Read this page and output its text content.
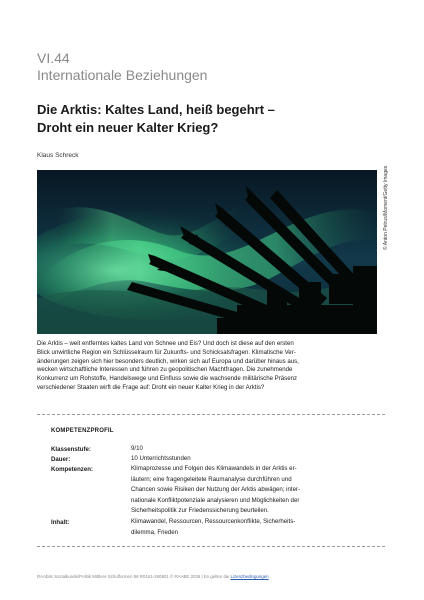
VI.44
Internationale Beziehungen
Die Arktis: Kaltes Land, heiß begehrt –
Droht ein neuer Kalter Krieg?
Klaus Schreck
© Anton Petrus/Moment/Getty Images
Die Arktis – weit entferntes kaltes Land von Schnee und Eis? Und doch ist diese auf den ersten
Blick unwirtliche Region ein Schlüsselraum für Zukunfts- und Schicksalsfragen. Klimatische Ver-
änderungen zeigen sich hier besonders deutlich, wirken sich auf Europa und darüber hinaus aus,
wecken wirtschaftliche Interessen und führen zu geopolitischen Machtfragen. Die zunehmende
Konkurrenz um Rohstoffe, Handelswege und Einfluss sowie die wachsende militärische Präsenz
verschiedener Staaten wirft die Frage auf: Droht ein neuer Kalter Krieg in der Arktis?
KOMPETENZPROFIL
Klassenstufe:	9/10
Dauer:	10 Unterrichtsstunden
Kompetenzen:	Klimaprozesse und Folgen des Klimawandels in der Arktis er-
läutern; eine fragengeleitete Raumanalyse durchführen und
Chancen sowie Risiken der Nutzung der Arktis abwägen; inter-
nationale Konfliktpotenziale analysieren und Möglichkeiten der
Sicherheitspolitik zur Friedenssicherung beurteilen.
Inhalt:	Klimawandel, Ressourcen, Ressourcenkonflikte, Sicherheits-
dilemma, Frieden
RAAbits Sozialkunde/Politik Mittlere Schulformen 86 R0161-260901 © RAABE 2026 | Es gelten die Lizenzbedingungen
